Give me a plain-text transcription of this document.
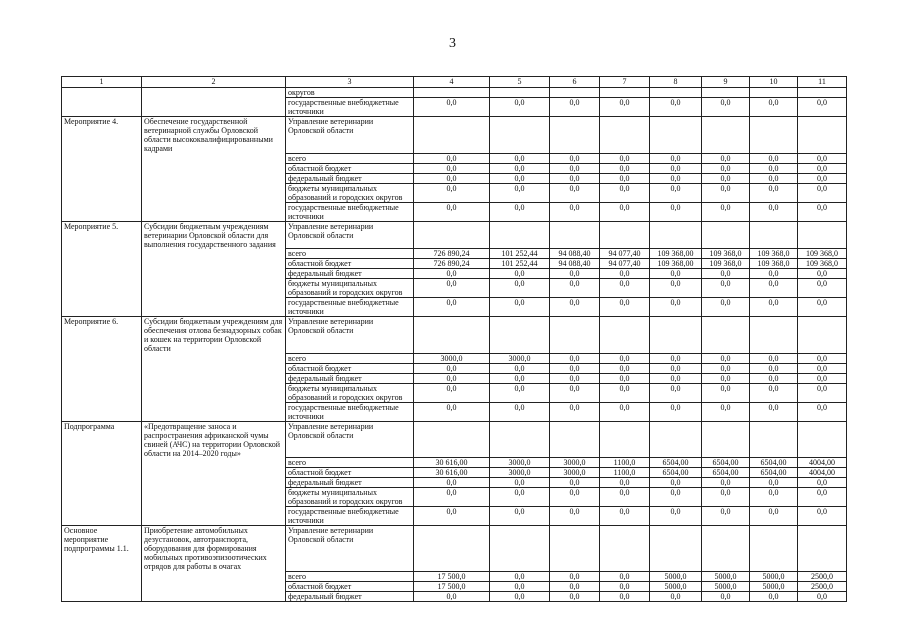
3
1	2	3	4	5	6	7	8	9	10	11
		округов								
		государственные внебюджетные источники	0,0	0,0	0,0	0,0	0,0	0,0	0,0	0,0
Мероприятие 4.	Обеспечение государственной ветеринарной службы Орловской области высококвалифицированными кадрами	Управление ветеринарии Орловской области								
		всего	0,0	0,0	0,0	0,0	0,0	0,0	0,0	0,0
		областной бюджет	0,0	0,0	0,0	0,0	0,0	0,0	0,0	0,0
		федеральный бюджет	0,0	0,0	0,0	0,0	0,0	0,0	0,0	0,0
		бюджеты муниципальных образований и городских округов	0,0	0,0	0,0	0,0	0,0	0,0	0,0	0,0
		государственные внебюджетные источники	0,0	0,0	0,0	0,0	0,0	0,0	0,0	0,0
Мероприятие 5.	Субсидии бюджетным учреждениям ветеринарии Орловской области для выполнения государственного задания	Управление ветеринарии Орловской области								
		всего	726 890,24	101 252,44	94 088,40	94 077,40	109 368,00	109 368,0	109 368,0	109 368,0
		областной бюджет	726 890,24	101 252,44	94 088,40	94 077,40	109 368,00	109 368,0	109 368,0	109 368,0
		федеральный бюджет	0,0	0,0	0,0	0,0	0,0	0,0	0,0	0,0
		бюджеты муниципальных образований и городских округов	0,0	0,0	0,0	0,0	0,0	0,0	0,0	0,0
		государственные внебюджетные источники	0,0	0,0	0,0	0,0	0,0	0,0	0,0	0,0
Мероприятие 6.	Субсидии бюджетным учреждениям для обеспечения отлова безнадзорных собак и кошек на территории Орловской области	Управление ветеринарии Орловской области								
		всего	3000,0	3000,0	0,0	0,0	0,0	0,0	0,0	0,0
		областной бюджет	0,0	0,0	0,0	0,0	0,0	0,0	0,0	0,0
		федеральный бюджет	0,0	0,0	0,0	0,0	0,0	0,0	0,0	0,0
		бюджеты муниципальных образований и городских округов	0,0	0,0	0,0	0,0	0,0	0,0	0,0	0,0
		государственные внебюджетные источники	0,0	0,0	0,0	0,0	0,0	0,0	0,0	0,0
Подпрограмма	«Предотвращение заноса и распространения африканской чумы свиней (АЧС) на территории Орловской области на 2014–2020 годы»	Управление ветеринарии Орловской области								
		всего	30 616,00	3000,0	3000,0	1100,0	6504,00	6504,00	6504,00	4004,00
		областной бюджет	30 616,00	3000,0	3000,0	1100,0	6504,00	6504,00	6504,00	4004,00
		федеральный бюджет	0,0	0,0	0,0	0,0	0,0	0,0	0,0	0,0
		бюджеты муниципальных образований и городских округов	0,0	0,0	0,0	0,0	0,0	0,0	0,0	0,0
		государственные внебюджетные источники	0,0	0,0	0,0	0,0	0,0	0,0	0,0	0,0
Основное мероприятие подпрограммы 1.1.	Приобретение автомобильных дезустановок, автотранспорта, оборудования для формирования мобильных противоэпизоотических отрядов для работы в очагах	Управление ветеринарии Орловской области								
		всего	17 500,0	0,0	0,0	0,0	5000,0	5000,0	5000,0	2500,0
		областной бюджет	17 500,0	0,0	0,0	0,0	5000,0	5000,0	5000,0	2500,0
		федеральный бюджет	0,0	0,0	0,0	0,0	0,0	0,0	0,0	0,0
